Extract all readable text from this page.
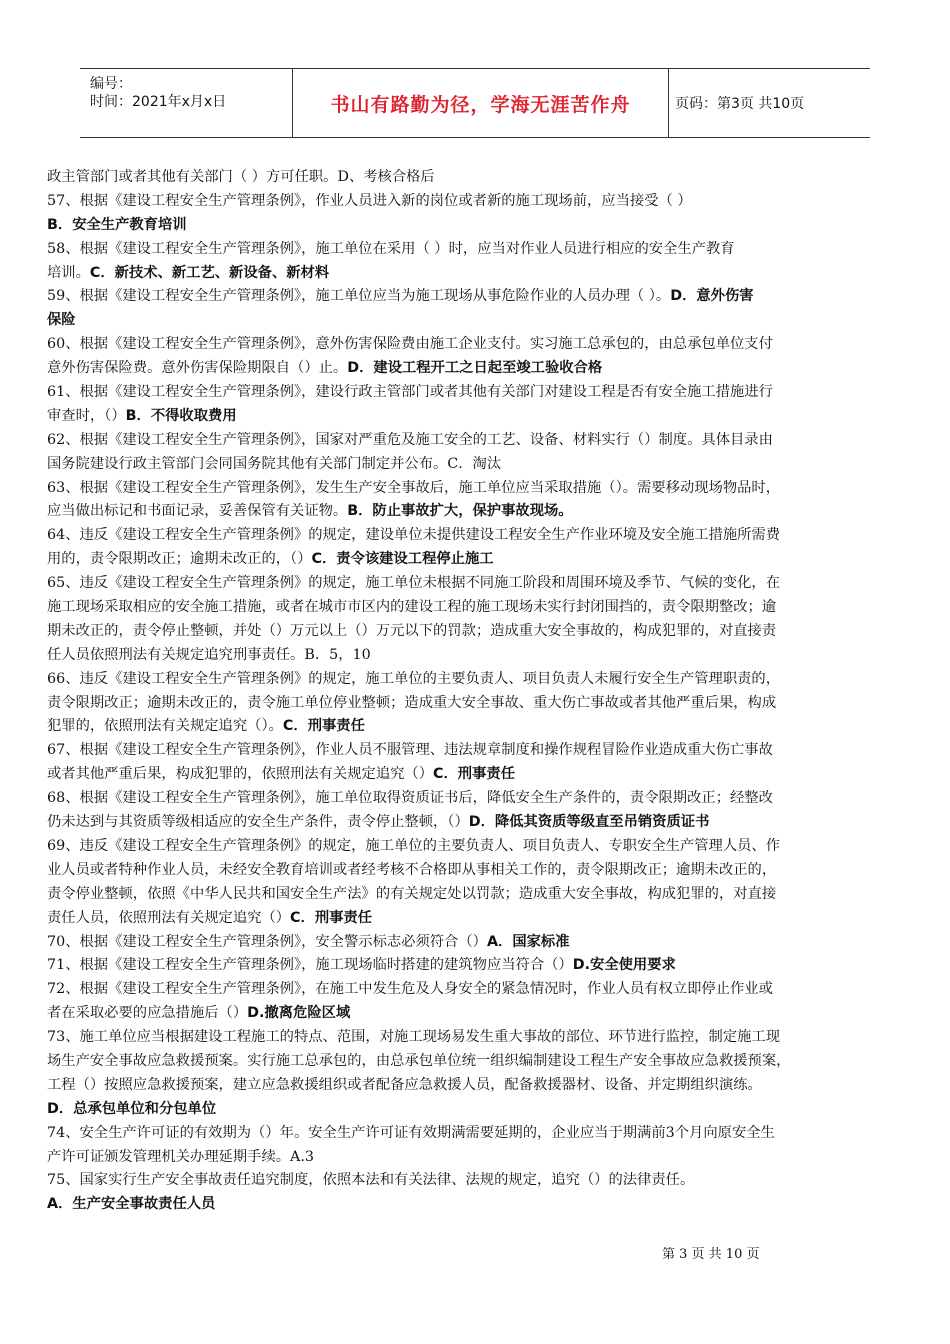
编号：
时间：2021年x月x日	书山有路勤为径，学海无涯苦作舟	页码：第3页 共10页
政主管部门或者其他有关部门（ ）方可任职。D、考核合格后
57、根据《建设工程安全生产管理条例》，作业人员进入新的岗位或者新的施工现场前，应当接受（ ）
B．安全生产教育培训
58、根据《建设工程安全生产管理条例》，施工单位在采用（ ）时，应当对作业人员进行相应的安全生产教育
培训。C．新技术、新工艺、新设备、新材料
59、根据《建设工程安全生产管理条例》，施工单位应当为施工现场从事危险作业的人员办理（ ）。D．意外伤害
保险
60、根据《建设工程安全生产管理条例》，意外伤害保险费由施工企业支付。实习施工总承包的，由总承包单位支付
意外伤害保险费。意外伤害保险期限自（）止。D．建设工程开工之日起至竣工验收合格
61、根据《建设工程安全生产管理条例》，建设行政主管部门或者其他有关部门对建设工程是否有安全施工措施进行
审查时，（）B．不得收取费用
62、根据《建设工程安全生产管理条例》，国家对严重危及施工安全的工艺、设备、材料实行（）制度。具体目录由
国务院建设行政主管部门会同国务院其他有关部门制定并公布。C．淘汰
63、根据《建设工程安全生产管理条例》，发生生产安全事故后，施工单位应当采取措施（）。需要移动现场物品时，
应当做出标记和书面记录，妥善保管有关证物。B．防止事故扩大，保护事故现场。
64、违反《建设工程安全生产管理条例》的规定，建设单位未提供建设工程安全生产作业环境及安全施工措施所需费
用的，责令限期改正；逾期未改正的，（）C．责令该建设工程停止施工
65、违反《建设工程安全生产管理条例》的规定，施工单位未根据不同施工阶段和周围环境及季节、气候的变化，在
施工现场采取相应的安全施工措施，或者在城市市区内的建设工程的施工现场未实行封闭围挡的，责令限期整改；逾
期未改正的，责令停止整顿，并处（）万元以上（）万元以下的罚款；造成重大安全事故的，构成犯罪的，对直接责
任人员依照刑法有关规定追究刑事责任。B．5，10
66、违反《建设工程安全生产管理条例》的规定，施工单位的主要负责人、项目负责人未履行安全生产管理职责的，
责令限期改正；逾期未改正的，责令施工单位停业整顿；造成重大安全事故、重大伤亡事故或者其他严重后果，构成
犯罪的，依照刑法有关规定追究（）。C．刑事责任
67、根据《建设工程安全生产管理条例》，作业人员不服管理、违法规章制度和操作规程冒险作业造成重大伤亡事故
或者其他严重后果，构成犯罪的，依照刑法有关规定追究（）C．刑事责任
68、根据《建设工程安全生产管理条例》，施工单位取得资质证书后，降低安全生产条件的，责令限期改正；经整改
仍未达到与其资质等级相适应的安全生产条件，责令停止整顿，（）D．降低其资质等级直至吊销资质证书
69、违反《建设工程安全生产管理条例》的规定，施工单位的主要负责人、项目负责人、专职安全生产管理人员、作
业人员或者特种作业人员，未经安全教育培训或者经考核不合格即从事相关工作的，责令限期改正；逾期未改正的，
责令停业整顿，依照《中华人民共和国安全生产法》的有关规定处以罚款；造成重大安全事故，构成犯罪的，对直接
责任人员，依照刑法有关规定追究（）C．刑事责任
70、根据《建设工程安全生产管理条例》，安全警示标志必须符合（）A．国家标准
71、根据《建设工程安全生产管理条例》，施工现场临时搭建的建筑物应当符合（）D.安全使用要求
72、根据《建设工程安全生产管理条例》，在施工中发生危及人身安全的紧急情况时，作业人员有权立即停止作业或
者在采取必要的应急措施后（）D.撤离危险区域
73、施工单位应当根据建设工程施工的特点、范围，对施工现场易发生重大事故的部位、环节进行监控，制定施工现
场生产安全事故应急救援预案。实行施工总承包的，由总承包单位统一组织编制建设工程生产安全事故应急救援预案，
工程（）按照应急救援预案，建立应急救援组织或者配备应急救援人员，配备救援器材、设备、并定期组织演练。
D．总承包单位和分包单位
74、安全生产许可证的有效期为（）年。安全生产许可证有效期满需要延期的，企业应当于期满前3个月向原安全生
产许可证颁发管理机关办理延期手续。A.3
75、国家实行生产安全事故责任追究制度，依照本法和有关法律、法规的规定，追究（）的法律责任。
A．生产安全事故责任人员
第 3 页 共 10 页
